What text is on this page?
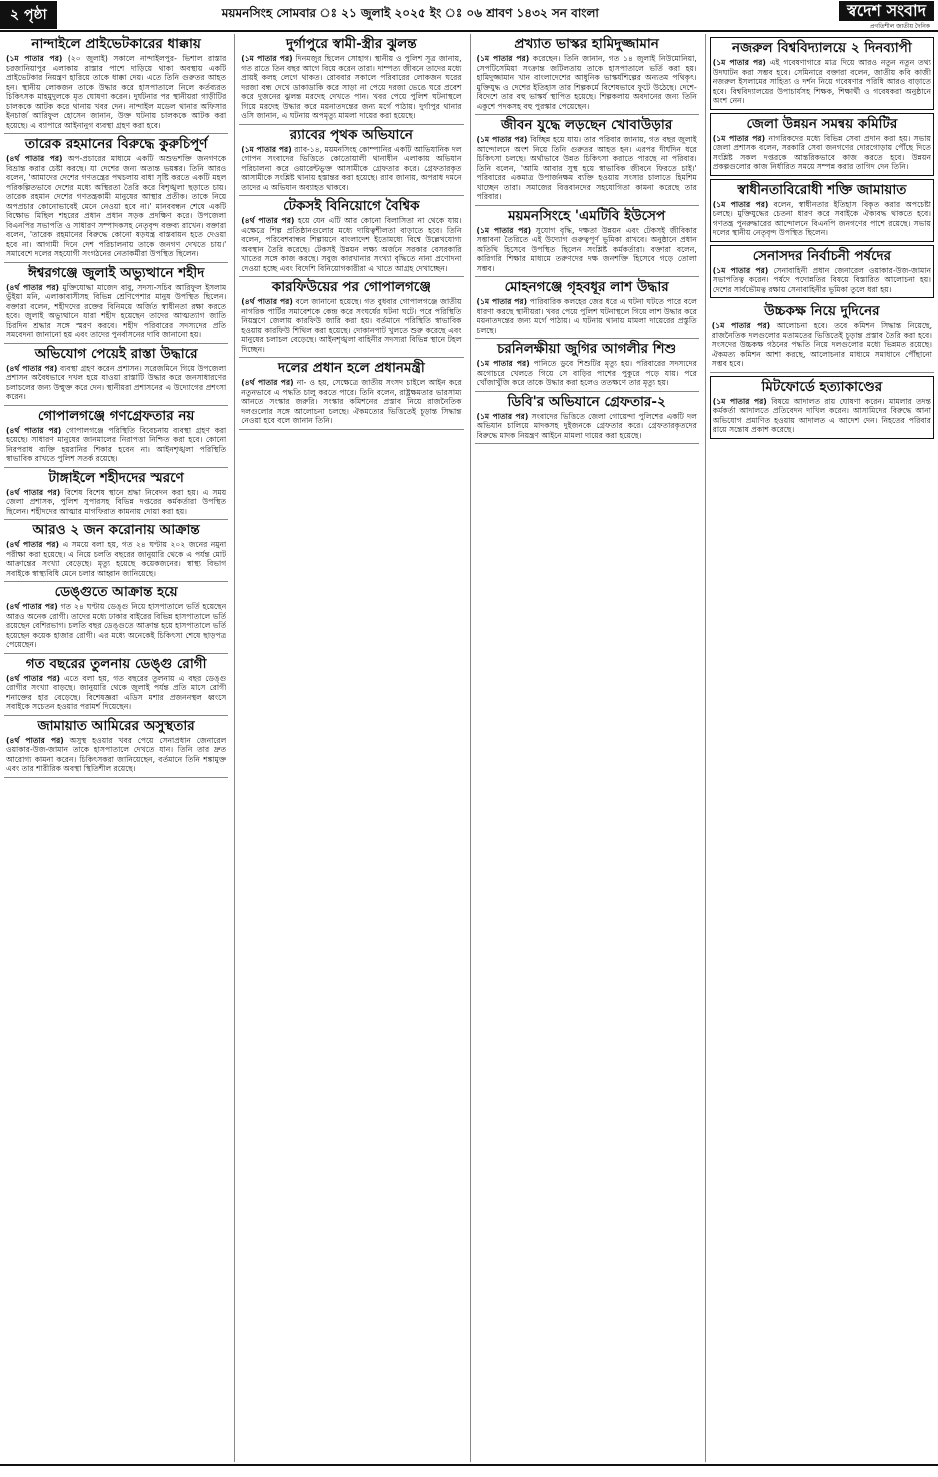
২ পৃষ্ঠা	ময়মনসিংহ সোমবার ঃ ২১ জুলাই ২০২৫ ইং ঃ ০৬ শ্রাবণ ১৪৩২ সন বাংলা	স্বদেশ সংবাদ
প্রগতিশীল জাতীয় দৈনিক
নান্দাইলে প্রাইভেটকারের ধাক্কায়
(১ম পাতার পর) (২০ জুলাই) সকালে নান্দাইলপুর- ভিশাল রাস্তার চরজানিয়াপুর এলাকায় রাস্তার পাশে দাড়িয়ে থাকা অবস্থায় একটি প্রাইভেটকার নিয়ন্ত্রণ হারিয়ে তাকে ধাক্কা দেয়। এতে তিনি গুরুতর আহত হন। স্থানীয় লোকজন তাকে উদ্ধার করে হাসপাতালে নিলে কর্তব্যরত চিকিৎসক মাহমুদুলকে মৃত ঘোষণা করেন। দুর্ঘটনার পর স্থানীয়রা গাড়ীটির চালককে আটক করে থানায় খবর দেন। নান্দাইল মডেল থানার অফিসার ইনচার্জ আরিফুল হোসেন জানান, উক্ত ঘটনায় চালককে আটক করা হয়েছে। এ ব্যাপারে আইনানুগ ব্যবস্থা গ্রহণ করা হবে।
তারেক রহমানের বিরুদ্ধে কুরুচিপূর্ণ
(৪র্থ পাতার পর) অপ-প্রচারের মাধ্যমে একটি অশুভশক্তি জনগণকে বিভ্রান্ত করার চেষ্টা করছে। যা দেশের জন্য অত্যন্ত ভয়ঙ্কর। তিনি আরও বলেন, 'আমাদের দেশের গণতন্ত্রের পথচলায় বাধা সৃষ্টি করতে একটি মহল পরিকল্পিতভাবে দেশের মধ্যে অস্থিরতা তৈরি করে বিশৃঙ্খলা ছড়াতে চায়। তারেক রহমান দেশের গণতন্ত্রকামী মানুষের আস্থার প্রতীক। তাকে নিয়ে অপপ্রচার কোনোভাবেই মেনে নেওয়া হবে না।' মানববন্ধন শেষে একটি বিক্ষোভ মিছিল শহরের প্রধান প্রধান সড়ক প্রদক্ষিণ করে। উপজেলা বিএনপির সভাপতি ও সাধারণ সম্পাদকসহ নেতৃবৃন্দ বক্তব্য রাখেন। বক্তারা বলেন, 'তারেক রহমানের বিরুদ্ধে কোনো ষড়যন্ত্র বাস্তবায়ন হতে দেওয়া হবে না। আগামী দিনে দেশ পরিচালনায় তাকে জনগণ দেখতে চায়।' সমাবেশে দলের সহযোগী সংগঠনের নেতাকর্মীরা উপস্থিত ছিলেন।
ঈশ্বরগঞ্জে জুলাই অভ্যুত্থানে শহীদ
(৪র্থ পাতার পর) মুক্তিযোদ্ধা মাজেদ বাবু, সদস্য-সচিব আরিফুল ইসলাম ভুঁইয়া মনি, এলাকাবাসীসহ বিভিন্ন শ্রেণিপেশার মানুষ উপস্থিত ছিলেন। বক্তারা বলেন, শহীদদের রক্তের বিনিময়ে অর্জিত স্বাধীনতা রক্ষা করতে হবে। জুলাই অভ্যুত্থানে যারা শহীদ হয়েছেন তাদের আত্মত্যাগ জাতি চিরদিন শ্রদ্ধার সঙ্গে স্মরণ করবে। শহীদ পরিবারের সদস্যদের প্রতি সমবেদনা জানানো হয় এবং তাদের পুনর্বাসনের দাবি জানানো হয়।
অভিযোগ পেয়েই রাস্তা উদ্ধারে
(৪র্থ পাতার পর) ব্যবস্থা গ্রহণ করেন প্রশাসন। সরেজমিনে গিয়ে উপজেলা প্রশাসন অবৈধভাবে দখল হয়ে যাওয়া রাস্তাটি উদ্ধার করে জনসাধারণের চলাচলের জন্য উন্মুক্ত করে দেন। স্থানীয়রা প্রশাসনের এ উদ্যোগের প্রশংসা করেন।
গোপালগঞ্জে গণগ্রেফতার নয়
(৪র্থ পাতার পর) গোপালগঞ্জে পরিস্থিতি বিবেচনায় ব্যবস্থা গ্রহণ করা হয়েছে। সাধারণ মানুষের জানমালের নিরাপত্তা নিশ্চিত করা হবে। কোনো নিরপরাধ ব্যক্তি হয়রানির শিকার হবেন না। আইনশৃঙ্খলা পরিস্থিতি স্বাভাবিক রাখতে পুলিশ সতর্ক রয়েছে।
টাঙ্গাইলে শহীদদের স্মরণে
(৪র্থ পাতার পর) বিশেষ বিশেষ স্থানে শ্রদ্ধা নিবেদন করা হয়। এ সময় জেলা প্রশাসক, পুলিশ সুপারসহ বিভিন্ন দপ্তরের কর্মকর্তারা উপস্থিত ছিলেন। শহীদদের আত্মার মাগফিরাত কামনায় দোয়া করা হয়।
আরও ২ জন করোনায় আক্রান্ত
(৪র্থ পাতার পর) এ সময়ে বলা হয়, গত ২৪ ঘণ্টায় ২০২ জনের নমুনা পরীক্ষা করা হয়েছে। এ নিয়ে চলতি বছরের জানুয়ারি থেকে এ পর্যন্ত মোট আক্রান্তের সংখ্যা বেড়েছে। মৃত্যু হয়েছে কয়েকজনের। স্বাস্থ্য বিভাগ সবাইকে স্বাস্থ্যবিধি মেনে চলার আহ্বান জানিয়েছে।
ডেঙ্গুতে আক্রান্ত হয়ে
(৪র্থ পাতার পর) গত ২৪ ঘণ্টায় ডেঙ্গু নিয়ে হাসপাতালে ভর্তি হয়েছেন আরও অনেক রোগী। তাদের মধ্যে ঢাকার বাইরের বিভিন্ন হাসপাতালে ভর্তি রয়েছেন বেশিরভাগ। চলতি বছর ডেঙ্গুতে আক্রান্ত হয়ে হাসপাতালে ভর্তি হয়েছেন কয়েক হাজার রোগী। এর মধ্যে অনেকেই চিকিৎসা শেষে ছাড়পত্র পেয়েছেন।
গত বছরের তুলনায় ডেঙ্গু রোগী
(৪র্থ পাতার পর) এতে বলা হয়, গত বছরের তুলনায় এ বছর ডেঙ্গু রোগীর সংখ্যা বাড়ছে। জানুয়ারি থেকে জুলাই পর্যন্ত প্রতি মাসে রোগী শনাক্তের হার বেড়েছে। বিশেষজ্ঞরা এডিস মশার প্রজননস্থল ধ্বংসে সবাইকে সচেতন হওয়ার পরামর্শ দিয়েছেন।
জামায়াত আমিরের অসুস্থতার
(৪র্থ পাতার পর) অসুস্থ হওয়ার খবর পেয়ে সেনাপ্রধান জেনারেল ওয়াকার-উজ-জামান তাকে হাসপাতালে দেখতে যান। তিনি তার দ্রুত আরোগ্য কামনা করেন। চিকিৎসকরা জানিয়েছেন, বর্তমানে তিনি শঙ্কামুক্ত এবং তার শারীরিক অবস্থা স্থিতিশীল রয়েছে।
দুর্গাপুরে স্বামী-স্ত্রীর ঝুলন্ত
(১ম পাতার পর) দিনমজুর ছিলেন সোহাগ। স্থানীয় ও পুলিশ সূত্র জানায়, গত রাতে তিন বছর আগে বিয়ে করেন তারা। দাম্পত্য জীবনে তাদের মধ্যে প্রায়ই কলহ লেগে থাকত। রোববার সকালে পরিবারের লোকজন ঘরের দরজা বন্ধ দেখে ডাকাডাকি করে সাড়া না পেয়ে দরজা ভেঙে ঘরে প্রবেশ করে দুজনের ঝুলন্ত মরদেহ দেখতে পান। খবর পেয়ে পুলিশ ঘটনাস্থলে গিয়ে মরদেহ উদ্ধার করে ময়নাতদন্তের জন্য মর্গে পাঠায়। দুর্গাপুর থানার ওসি জানান, এ ঘটনায় অপমৃত্যু মামলা দায়ের করা হয়েছে।
র‍্যাবের পৃথক অভিযানে
(১ম পাতার পর) র‍্যাব-১৪, ময়মনসিংহ কোম্পানির একটি আভিযানিক দল গোপন সংবাদের ভিত্তিতে কোতোয়ালী থানাধীন এলাকায় অভিযান পরিচালনা করে ওয়ারেন্টভুক্ত আসামীকে গ্রেফতার করে। গ্রেফতারকৃত আসামীকে সংশ্লিষ্ট থানায় হস্তান্তর করা হয়েছে। র‍্যাব জানায়, অপরাধ দমনে তাদের এ অভিযান অব্যাহত থাকবে।
টেকসই বিনিয়োগে বৈশ্বিক
(৪র্থ পাতার পর) হয়ে যেন এটি আর কোনো বিলাসিতা না থেকে যায়। এক্ষেত্রে শিল্প প্রতিষ্ঠানগুলোর মধ্যে দায়িত্বশীলতা বাড়াতে হবে। তিনি বলেন, পরিবেশবান্ধব শিল্পায়নে বাংলাদেশ ইতোমধ্যে বিশ্বে উল্লেখযোগ্য অবস্থান তৈরি করেছে। টেকসই উন্নয়ন লক্ষ্য অর্জনে সরকার বেসরকারি খাতের সঙ্গে কাজ করছে। সবুজ কারখানার সংখ্যা বৃদ্ধিতে নানা প্রণোদনা দেওয়া হচ্ছে এবং বিদেশি বিনিয়োগকারীরা এ খাতে আগ্রহ দেখাচ্ছেন।
কারফিউয়ের পর গোপালগঞ্জে
(৪র্থ পাতার পর) বলে জানানো হয়েছে। গত বুধবার গোপালগঞ্জে জাতীয় নাগরিক পার্টির সমাবেশকে কেন্দ্র করে সংঘর্ষের ঘটনা ঘটে। পরে পরিস্থিতি নিয়ন্ত্রণে জেলায় কারফিউ জারি করা হয়। বর্তমানে পরিস্থিতি স্বাভাবিক হওয়ায় কারফিউ শিথিল করা হয়েছে। দোকানপাট খুলতে শুরু করেছে এবং মানুষের চলাচল বেড়েছে। আইনশৃঙ্খলা বাহিনীর সদস্যরা বিভিন্ন স্থানে টহল দিচ্ছেন।
দলের প্রধান হলে প্রধানমন্ত্রী
(৪র্থ পাতার পর) না- ও হয়, সেক্ষেত্রে জাতীয় সংসদ চাইলে আইন করে নতুনভাবে এ পদ্ধতি চালু করতে পারে। তিনি বলেন, রাষ্ট্রক্ষমতার ভারসাম্য আনতে সংস্কার জরুরি। সংস্কার কমিশনের প্রস্তাব নিয়ে রাজনৈতিক দলগুলোর সঙ্গে আলোচনা চলছে। ঐকমত্যের ভিত্তিতেই চূড়ান্ত সিদ্ধান্ত নেওয়া হবে বলে জানান তিনি।
প্রখ্যাত ভাস্কর হামিদুজ্জামান
(১ম পাতার পর) করেছেন। তিনি জানান, গত ১৪ জুলাই নিউমোনিয়া, সেপটিসেমিয়া সংক্রান্ত জটিলতায় তাকে হাসপাতালে ভর্তি করা হয়। হামিদুজ্জামান খান বাংলাদেশের আধুনিক ভাস্কর্যশিল্পের অন্যতম পথিকৃৎ। মুক্তিযুদ্ধ ও দেশের ইতিহাস তার শিল্পকর্মে বিশেষভাবে ফুটে উঠেছে। দেশে-বিদেশে তার বহু ভাস্কর্য স্থাপিত হয়েছে। শিল্পকলায় অবদানের জন্য তিনি একুশে পদকসহ বহু পুরস্কার পেয়েছেন।
জীবন যুদ্ধে লড়ছেন খোবাউড়ার
(১ম পাতার পর) বিচ্ছিন্ন হয়ে যায়। তার পরিবার জানায়, গত বছর জুলাই আন্দোলনে অংশ নিয়ে তিনি গুরুতর আহত হন। এরপর দীর্ঘদিন ধরে চিকিৎসা চলছে। অর্থাভাবে উন্নত চিকিৎসা করাতে পারছে না পরিবার। তিনি বলেন, 'আমি আবার সুস্থ হয়ে স্বাভাবিক জীবনে ফিরতে চাই।' পরিবারের একমাত্র উপার্জনক্ষম ব্যক্তি হওয়ায় সংসার চালাতে হিমশিম খাচ্ছেন তারা। সমাজের বিত্তবানদের সহযোগিতা কামনা করেছে তার পরিবার।
ময়মনসিংহে 'এমটিবি ইউসেপ
(১ম পাতার পর) সুযোগ বৃদ্ধি, দক্ষতা উন্নয়ন এবং টেকসই জীবিকার সম্ভাবনা তৈরিতে এই উদ্যোগ গুরুত্বপূর্ণ ভূমিকা রাখবে। অনুষ্ঠানে প্রধান অতিথি হিসেবে উপস্থিত ছিলেন সংশ্লিষ্ট কর্মকর্তারা। বক্তারা বলেন, কারিগরি শিক্ষার মাধ্যমে তরুণদের দক্ষ জনশক্তি হিসেবে গড়ে তোলা সম্ভব।
মোহনগঞ্জে গৃহবধূর লাশ উদ্ধার
(১ম পাতার পর) পারিবারিক কলহের জের ধরে এ ঘটনা ঘটতে পারে বলে ধারণা করছে স্থানীয়রা। খবর পেয়ে পুলিশ ঘটনাস্থলে গিয়ে লাশ উদ্ধার করে ময়নাতদন্তের জন্য মর্গে পাঠায়। এ ঘটনায় থানায় মামলা দায়েরের প্রস্তুতি চলছে।
চরনিলক্ষীয়া জুগির আগলীর শিশু
(১ম পাতার পর) পানিতে ডুবে শিশুটির মৃত্যু হয়। পরিবারের সদস্যদের অগোচরে খেলতে গিয়ে সে বাড়ির পাশের পুকুরে পড়ে যায়। পরে খোঁজাখুঁজি করে তাকে উদ্ধার করা হলেও ততক্ষণে তার মৃত্যু হয়।
ডিবি'র অভিযানে গ্রেফতার-২
(১ম পাতার পর) সংবাদের ভিত্তিতে জেলা গোয়েন্দা পুলিশের একটি দল অভিযান চালিয়ে মাদকসহ দুইজনকে গ্রেফতার করে। গ্রেফতারকৃতদের বিরুদ্ধে মাদক নিয়ন্ত্রণ আইনে মামলা দায়ের করা হয়েছে।
নজরুল বিশ্ববিদ্যালয়ে ২ দিনব্যাপী
(১ম পাতার পর) এই গবেষণাগারে মাত্র দিয়ে আরও নতুন নতুন তথ্য উদঘাটন করা সম্ভব হবে। সেমিনারে বক্তারা বলেন, জাতীয় কবি কাজী নজরুল ইসলামের সাহিত্য ও দর্শন নিয়ে গবেষণার পরিধি আরও বাড়াতে হবে। বিশ্ববিদ্যালয়ের উপাচার্যসহ শিক্ষক, শিক্ষার্থী ও গবেষকরা অনুষ্ঠানে অংশ নেন।
জেলা উন্নয়ন সমন্বয় কমিটির
(১ম পাতার পর) নাগরিকদের মধ্যে বিভিন্ন সেবা প্রদান করা হয়। সভায় জেলা প্রশাসক বলেন, সরকারি সেবা জনগণের দোরগোড়ায় পৌঁছে দিতে সংশ্লিষ্ট সকল দপ্তরকে আন্তরিকভাবে কাজ করতে হবে। উন্নয়ন প্রকল্পগুলোর কাজ নির্ধারিত সময়ে সম্পন্ন করার তাগিদ দেন তিনি।
স্বাধীনতাবিরোধী শক্তি জামায়াত
(১ম পাতার পর) বলেন, স্বাধীনতার ইতিহাস বিকৃত করার অপচেষ্টা চলছে। মুক্তিযুদ্ধের চেতনা ধারণ করে সবাইকে ঐক্যবদ্ধ থাকতে হবে। গণতন্ত্র পুনরুদ্ধারের আন্দোলনে বিএনপি জনগণের পাশে রয়েছে। সভায় দলের স্থানীয় নেতৃবৃন্দ উপস্থিত ছিলেন।
সেনাসদর নির্বাচনী পর্ষদের
(১ম পাতার পর) সেনাবাহিনী প্রধান জেনারেল ওয়াকার-উজ-জামান সভাপতিত্ব করেন। পর্ষদে পদোন্নতির বিষয়ে বিস্তারিত আলোচনা হয়। দেশের সার্বভৌমত্ব রক্ষায় সেনাবাহিনীর ভূমিকা তুলে ধরা হয়।
উচ্চকক্ষ নিয়ে দুদিনের
(১ম পাতার পর) আলোচনা হবে। তবে কমিশন সিদ্ধান্ত নিয়েছে, রাজনৈতিক দলগুলোর মতামতের ভিত্তিতেই চূড়ান্ত প্রস্তাব তৈরি করা হবে। সংসদের উচ্চকক্ষ গঠনের পদ্ধতি নিয়ে দলগুলোর মধ্যে ভিন্নমত রয়েছে। ঐকমত্য কমিশন আশা করছে, আলোচনার মাধ্যমে সমাধানে পৌঁছানো সম্ভব হবে।
মিটফোর্ডে হত্যাকাণ্ডের
(১ম পাতার পর) বিষয়ে আদালত রায় ঘোষণা করেন। মামলার তদন্ত কর্মকর্তা আদালতে প্রতিবেদন দাখিল করেন। আসামিদের বিরুদ্ধে আনা অভিযোগ প্রমাণিত হওয়ায় আদালত এ আদেশ দেন। নিহতের পরিবার রায়ে সন্তোষ প্রকাশ করেছে।
